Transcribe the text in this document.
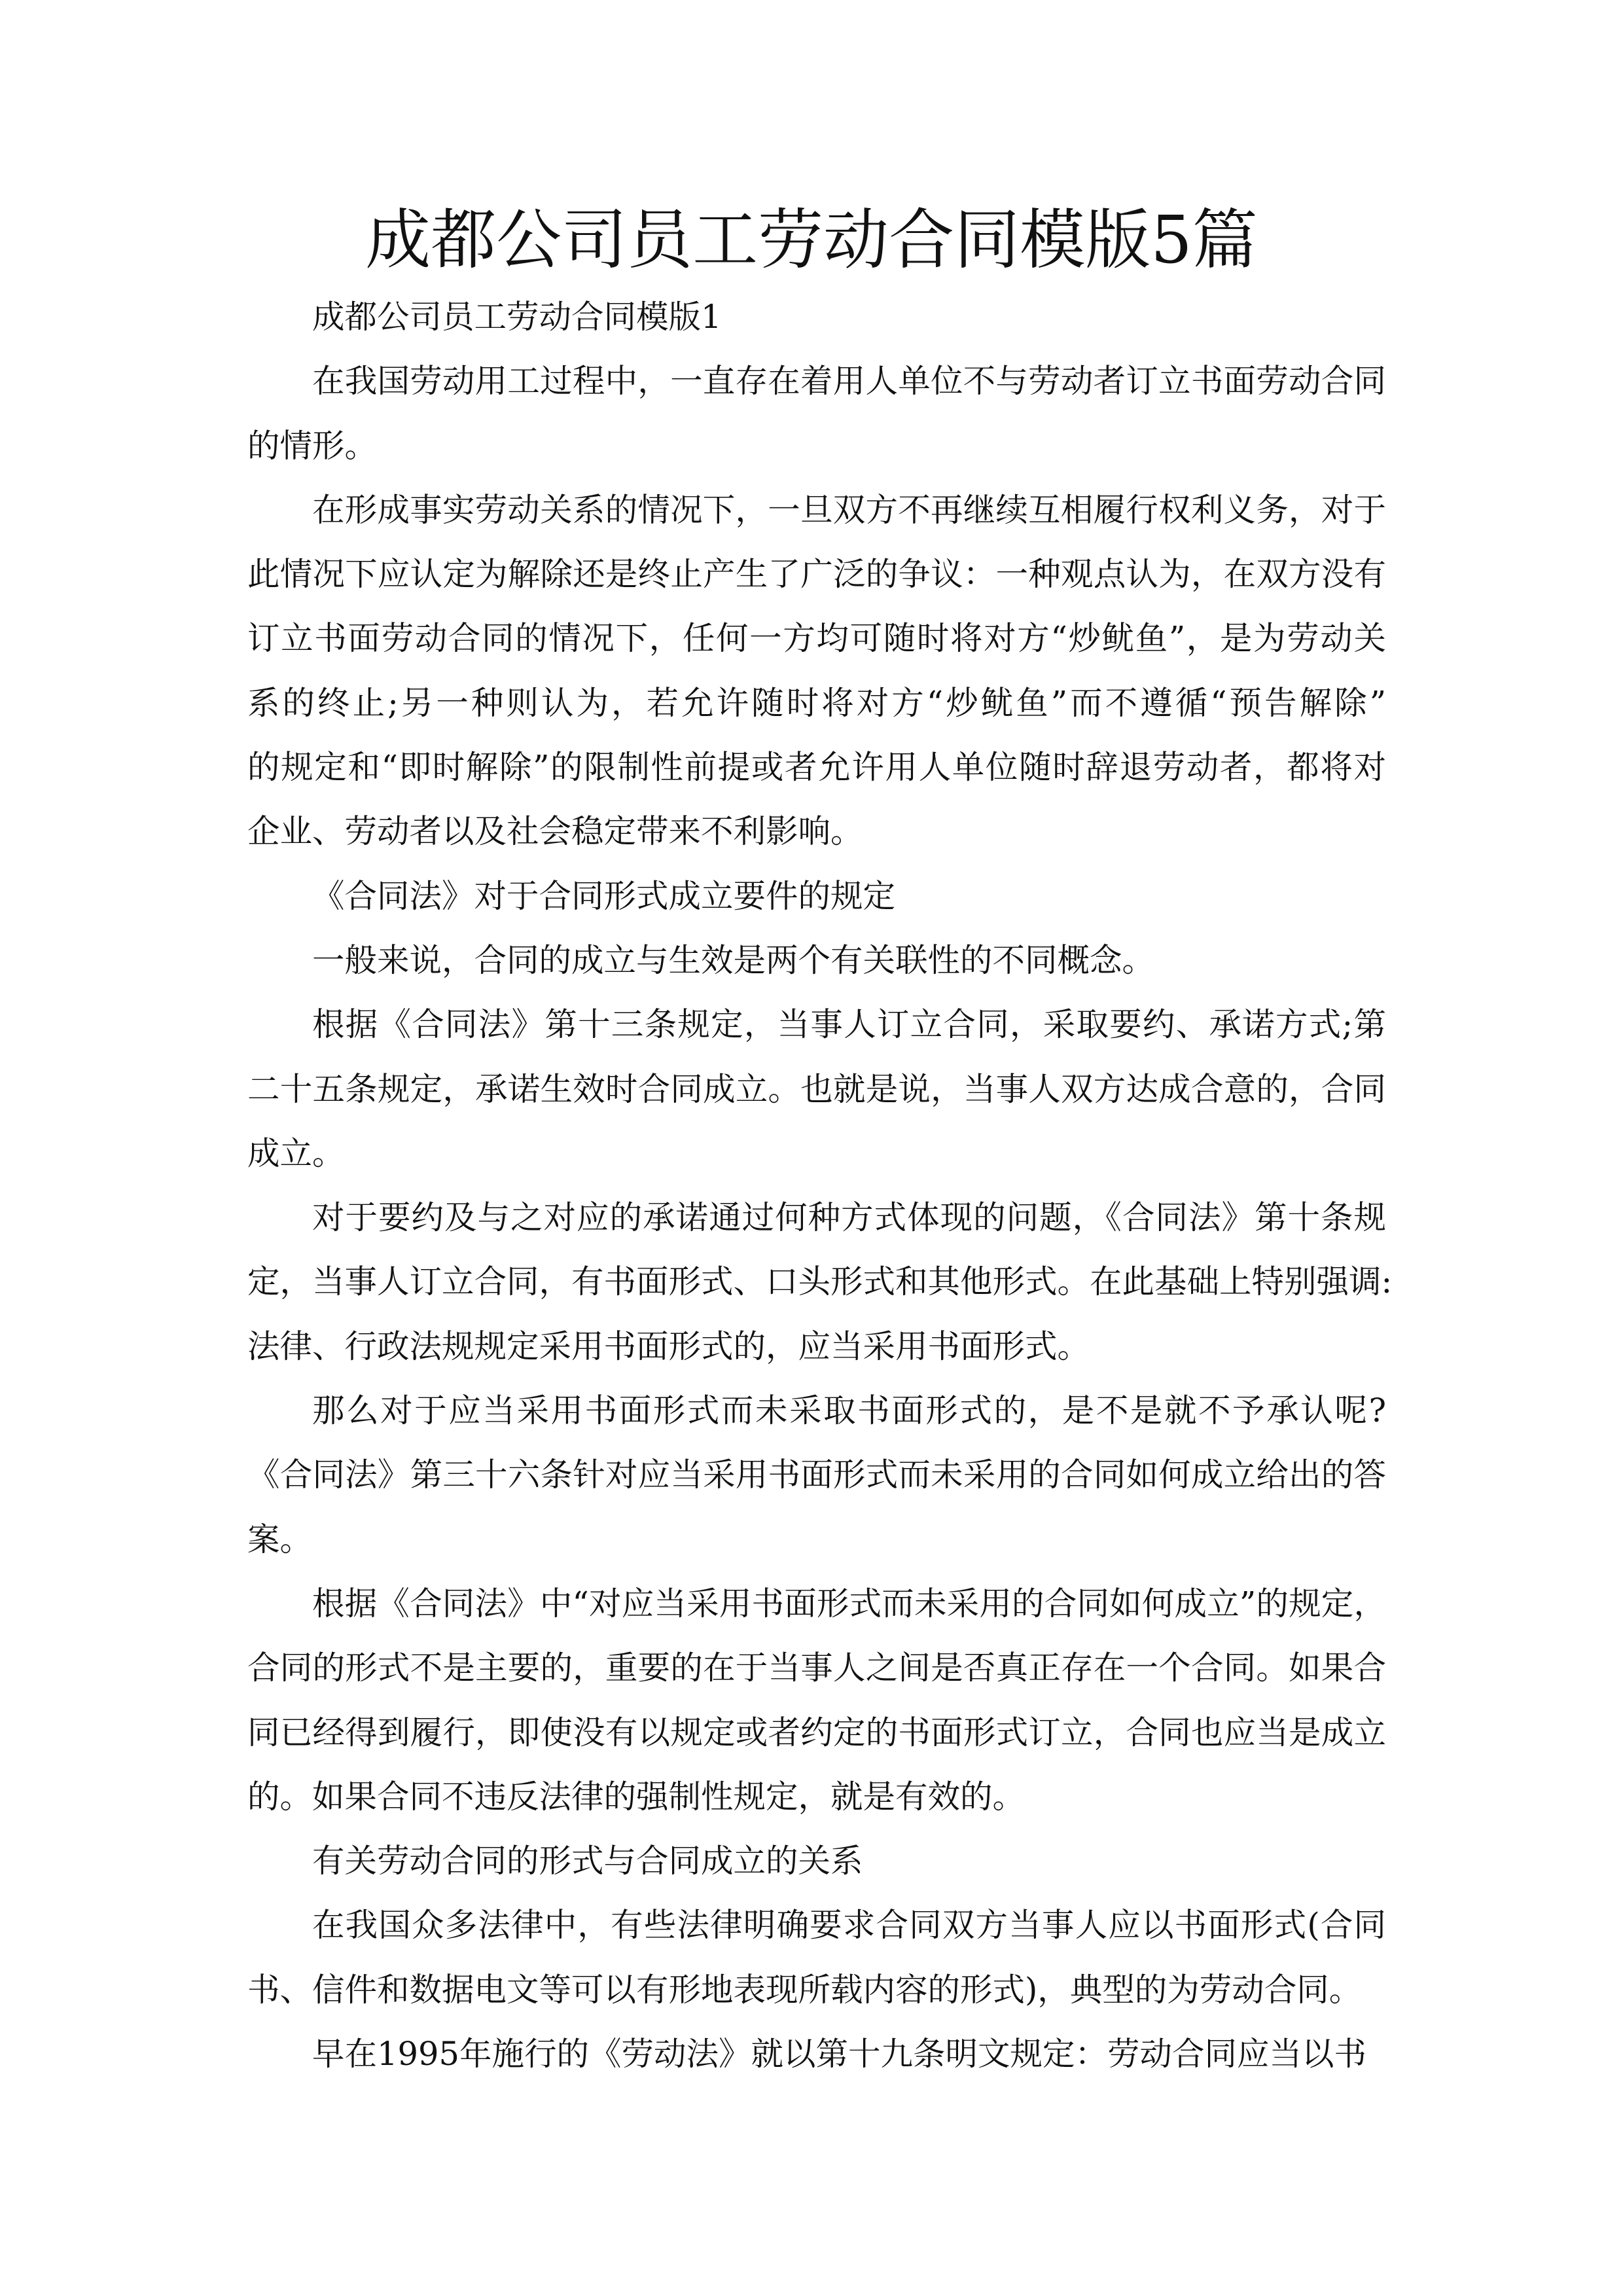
成都公司员工劳动合同模版5篇
成都公司员工劳动合同模版1
在我国劳动用工过程中，一直存在着用人单位不与劳动者订立书面劳动合同
的情形。
在形成事实劳动关系的情况下，一旦双方不再继续互相履行权利义务，对于
此情况下应认定为解除还是终止产生了广泛的争议：一种观点认为，在双方没有
订立书面劳动合同的情况下，任何一方均可随时将对方“炒鱿鱼”，是为劳动关
系的终止;另一种则认为，若允许随时将对方“炒鱿鱼”而不遵循“预告解除”
的规定和“即时解除”的限制性前提或者允许用人单位随时辞退劳动者，都将对
企业、劳动者以及社会稳定带来不利影响。
《合同法》对于合同形式成立要件的规定
一般来说，合同的成立与生效是两个有关联性的不同概念。
根据《合同法》第十三条规定，当事人订立合同，采取要约、承诺方式;第
二十五条规定，承诺生效时合同成立。也就是说，当事人双方达成合意的，合同
成立。
对于要约及与之对应的承诺通过何种方式体现的问题，《合同法》第十条规
定，当事人订立合同，有书面形式、口头形式和其他形式。在此基础上特别强调:
法律、行政法规规定采用书面形式的，应当采用书面形式。
那么对于应当采用书面形式而未采取书面形式的，是不是就不予承认呢?
《合同法》第三十六条针对应当采用书面形式而未采用的合同如何成立给出的答
案。
根据《合同法》中“对应当采用书面形式而未采用的合同如何成立”的规定，
合同的形式不是主要的，重要的在于当事人之间是否真正存在一个合同。如果合
同已经得到履行，即使没有以规定或者约定的书面形式订立，合同也应当是成立
的。如果合同不违反法律的强制性规定，就是有效的。
有关劳动合同的形式与合同成立的关系
在我国众多法律中，有些法律明确要求合同双方当事人应以书面形式(合同
书、信件和数据电文等可以有形地表现所载内容的形式)，典型的为劳动合同。
早在1995年施行的《劳动法》就以第十九条明文规定：劳动合同应当以书
